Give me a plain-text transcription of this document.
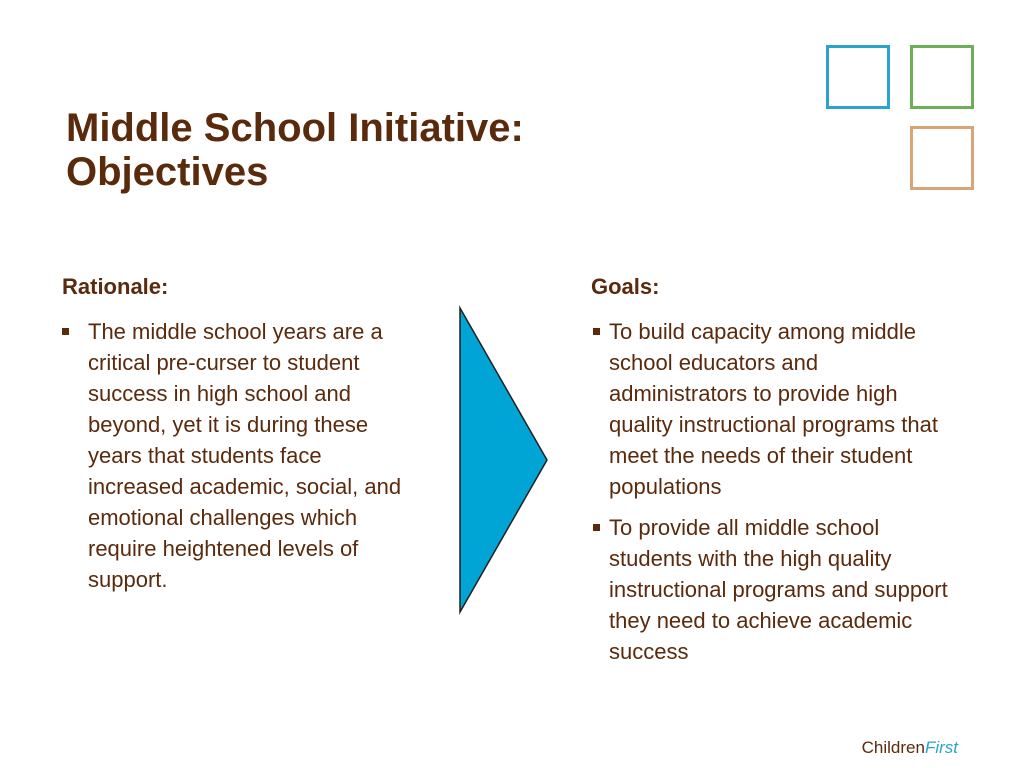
Middle School Initiative:
Objectives
Rationale:
The middle school years are a critical pre-curser to student success in high school and beyond, yet it is during these years that students face increased academic, social, and emotional challenges which require heightened levels of support.
Goals:
To build capacity among middle school educators and administrators to provide high quality instructional programs that meet the needs of their student populations
To provide all middle school students with the high quality instructional programs and support they need to achieve academic success
ChildrenFirst
